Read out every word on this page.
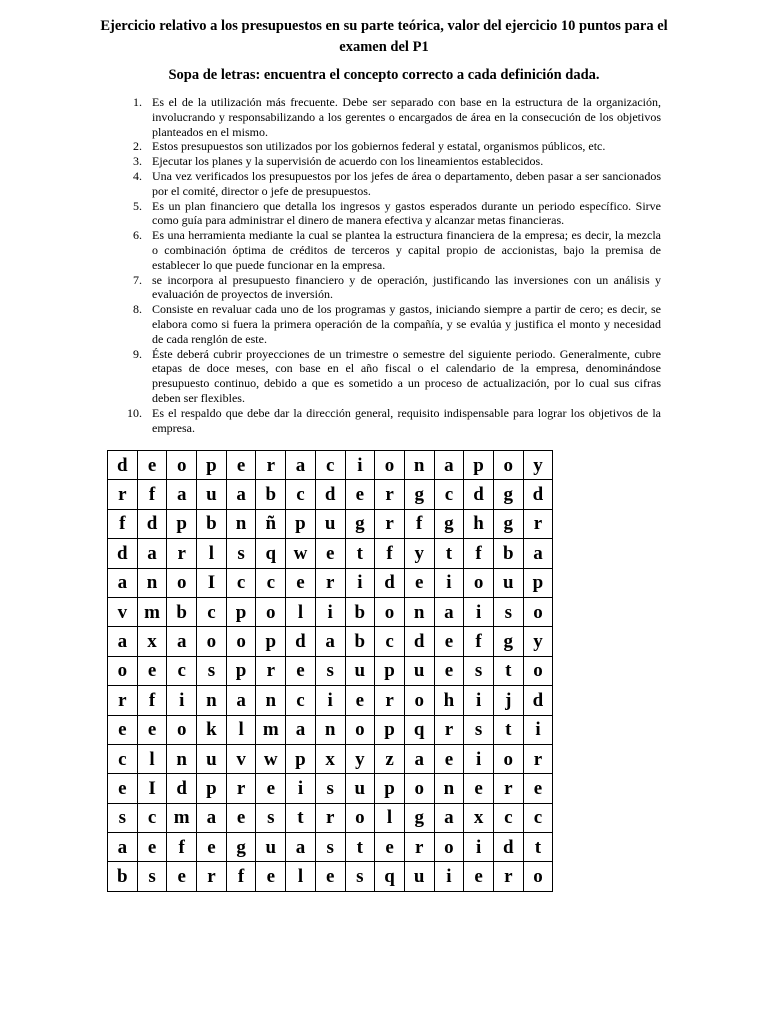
Ejercicio relativo a los presupuestos en su parte teórica, valor del ejercicio 10 puntos para el examen del P1
Sopa de letras: encuentra el concepto correcto a cada definición dada.
1. Es el de la utilización más frecuente. Debe ser separado con base en la estructura de la organización, involucrando y responsabilizando a los gerentes o encargados de área en la consecución de los objetivos planteados en el mismo.
2. Estos presupuestos son utilizados por los gobiernos federal y estatal, organismos públicos, etc.
3. Ejecutar los planes y la supervisión de acuerdo con los lineamientos establecidos.
4. Una vez verificados los presupuestos por los jefes de área o departamento, deben pasar a ser sancionados por el comité, director o jefe de presupuestos.
5. Es un plan financiero que detalla los ingresos y gastos esperados durante un periodo específico. Sirve como guía para administrar el dinero de manera efectiva y alcanzar metas financieras.
6. Es una herramienta mediante la cual se plantea la estructura financiera de la empresa; es decir, la mezcla o combinación óptima de créditos de terceros y capital propio de accionistas, bajo la premisa de establecer lo que puede funcionar en la empresa.
7. se incorpora al presupuesto financiero y de operación, justificando las inversiones con un análisis y evaluación de proyectos de inversión.
8. Consiste en revaluar cada uno de los programas y gastos, iniciando siempre a partir de cero; es decir, se elabora como si fuera la primera operación de la compañía, y se evalúa y justifica el monto y necesidad de cada renglón de este.
9. Éste deberá cubrir proyecciones de un trimestre o semestre del siguiente periodo. Generalmente, cubre etapas de doce meses, con base en el año fiscal o el calendario de la empresa, denominándose presupuesto continuo, debido a que es sometido a un proceso de actualización, por lo cual sus cifras deben ser flexibles.
10. Es el respaldo que debe dar la dirección general, requisito indispensable para lograr los objetivos de la empresa.
d	e	o	p	e	r	a	c	i	o	n	a	p	o	y
r	f	a	u	a	b	c	d	e	r	g	c	d	g	d
f	d	p	b	n	ñ	p	u	g	r	f	g	h	g	r
d	a	r	l	s	q	w	e	t	f	y	t	f	b	a
a	n	o	I	c	c	e	r	i	d	e	i	o	u	p
v	m	b	c	p	o	l	i	b	o	n	a	i	s	o
a	x	a	o	o	p	d	a	b	c	d	e	f	g	y
o	e	c	s	p	r	e	s	u	p	u	e	s	t	o
r	f	i	n	a	n	c	i	e	r	o	h	i	j	d
e	e	o	k	l	m	a	n	o	p	q	r	s	t	i
c	l	n	u	v	w	p	x	y	z	a	e	i	o	r
e	I	d	p	r	e	i	s	u	p	o	n	e	r	e
s	c	m	a	e	s	t	r	o	l	g	a	x	c	c
a	e	f	e	g	u	a	s	t	e	r	o	i	d	t
b	s	e	r	f	e	l	e	s	q	u	i	e	r	o
